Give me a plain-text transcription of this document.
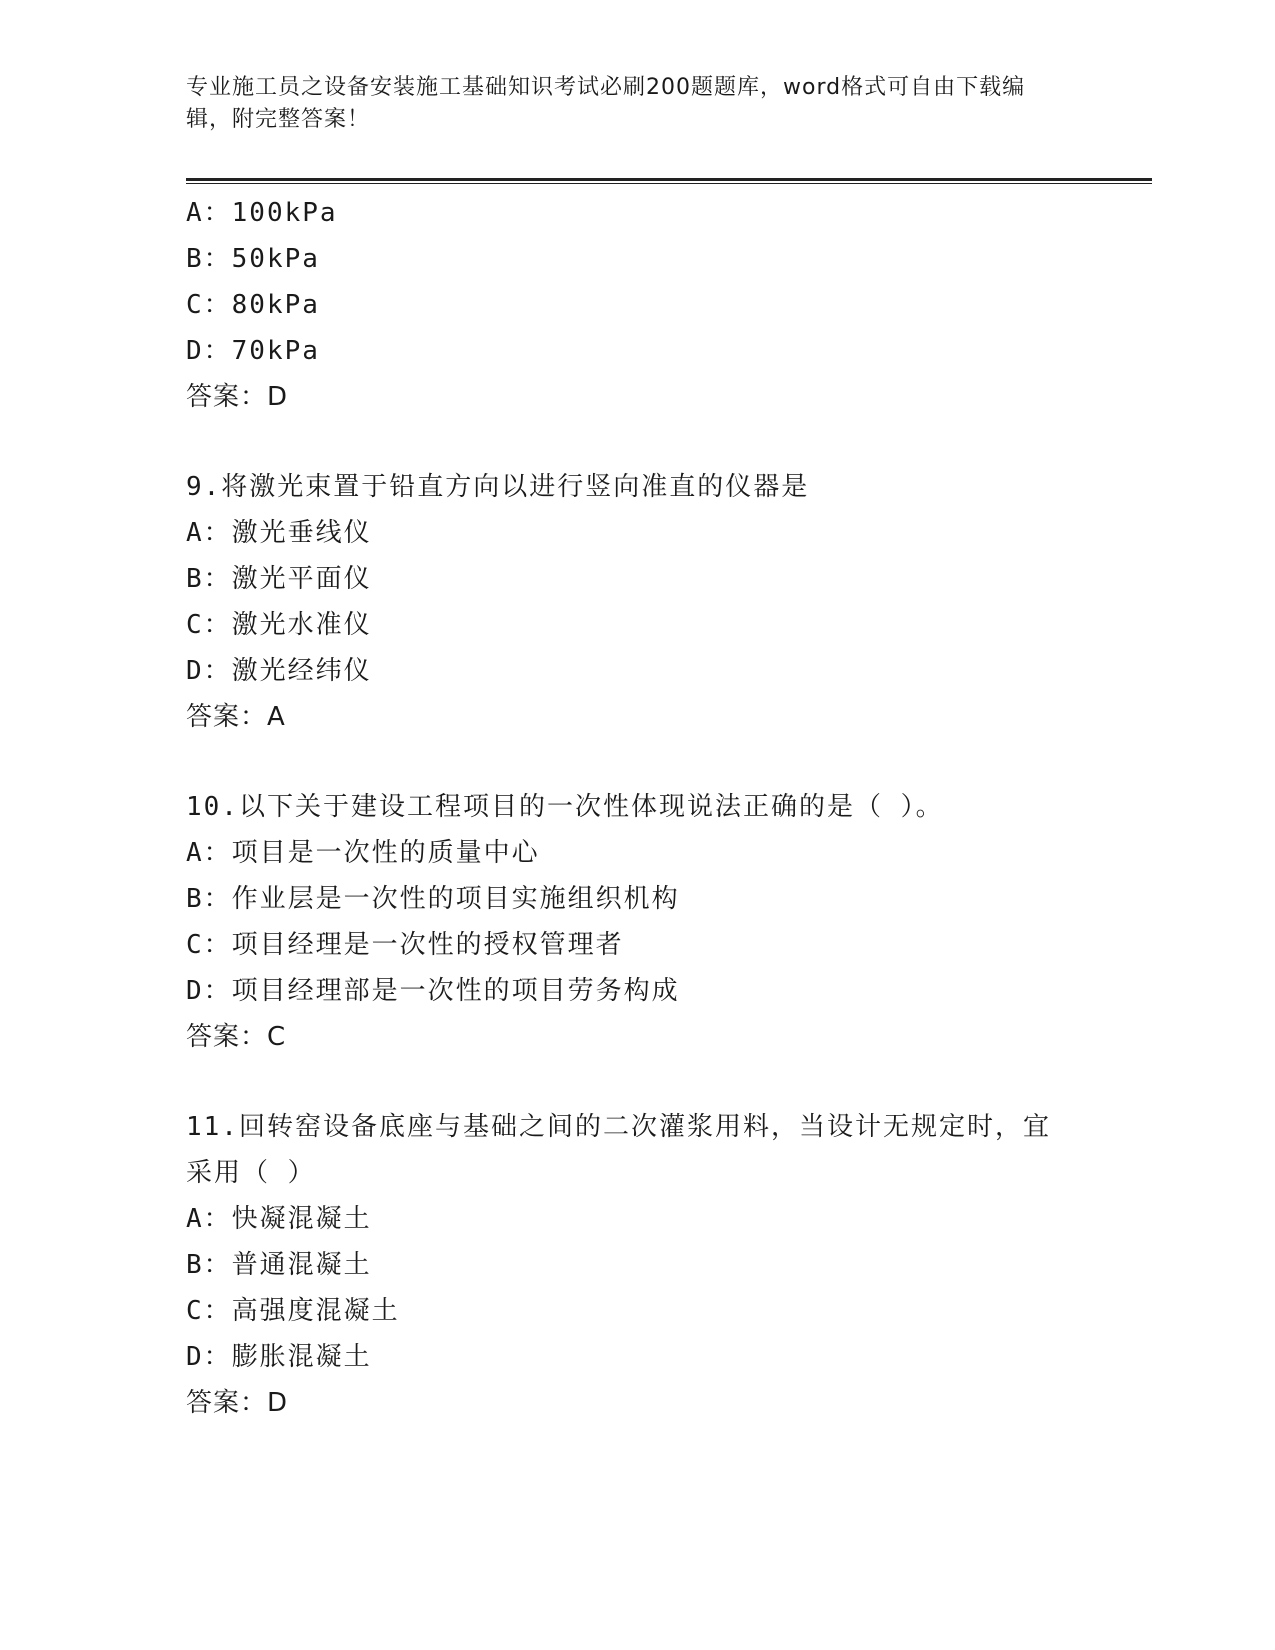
专业施工员之设备安装施工基础知识考试必刷200题题库，word格式可自由下载编辑，附完整答案！
A：100kPa
B：50kPa
C：80kPa
D：70kPa
答案：D
9.将激光束置于铅直方向以进行竖向准直的仪器是
A：激光垂线仪
B：激光平面仪
C：激光水准仪
D：激光经纬仪
答案：A
10.以下关于建设工程项目的一次性体现说法正确的是（ ）。
A：项目是一次性的质量中心
B：作业层是一次性的项目实施组织机构
C：项目经理是一次性的授权管理者
D：项目经理部是一次性的项目劳务构成
答案：C
11.回转窑设备底座与基础之间的二次灌浆用料，当设计无规定时，宜采用（ ）
A：快凝混凝土
B：普通混凝土
C：高强度混凝土
D：膨胀混凝土
答案：D
